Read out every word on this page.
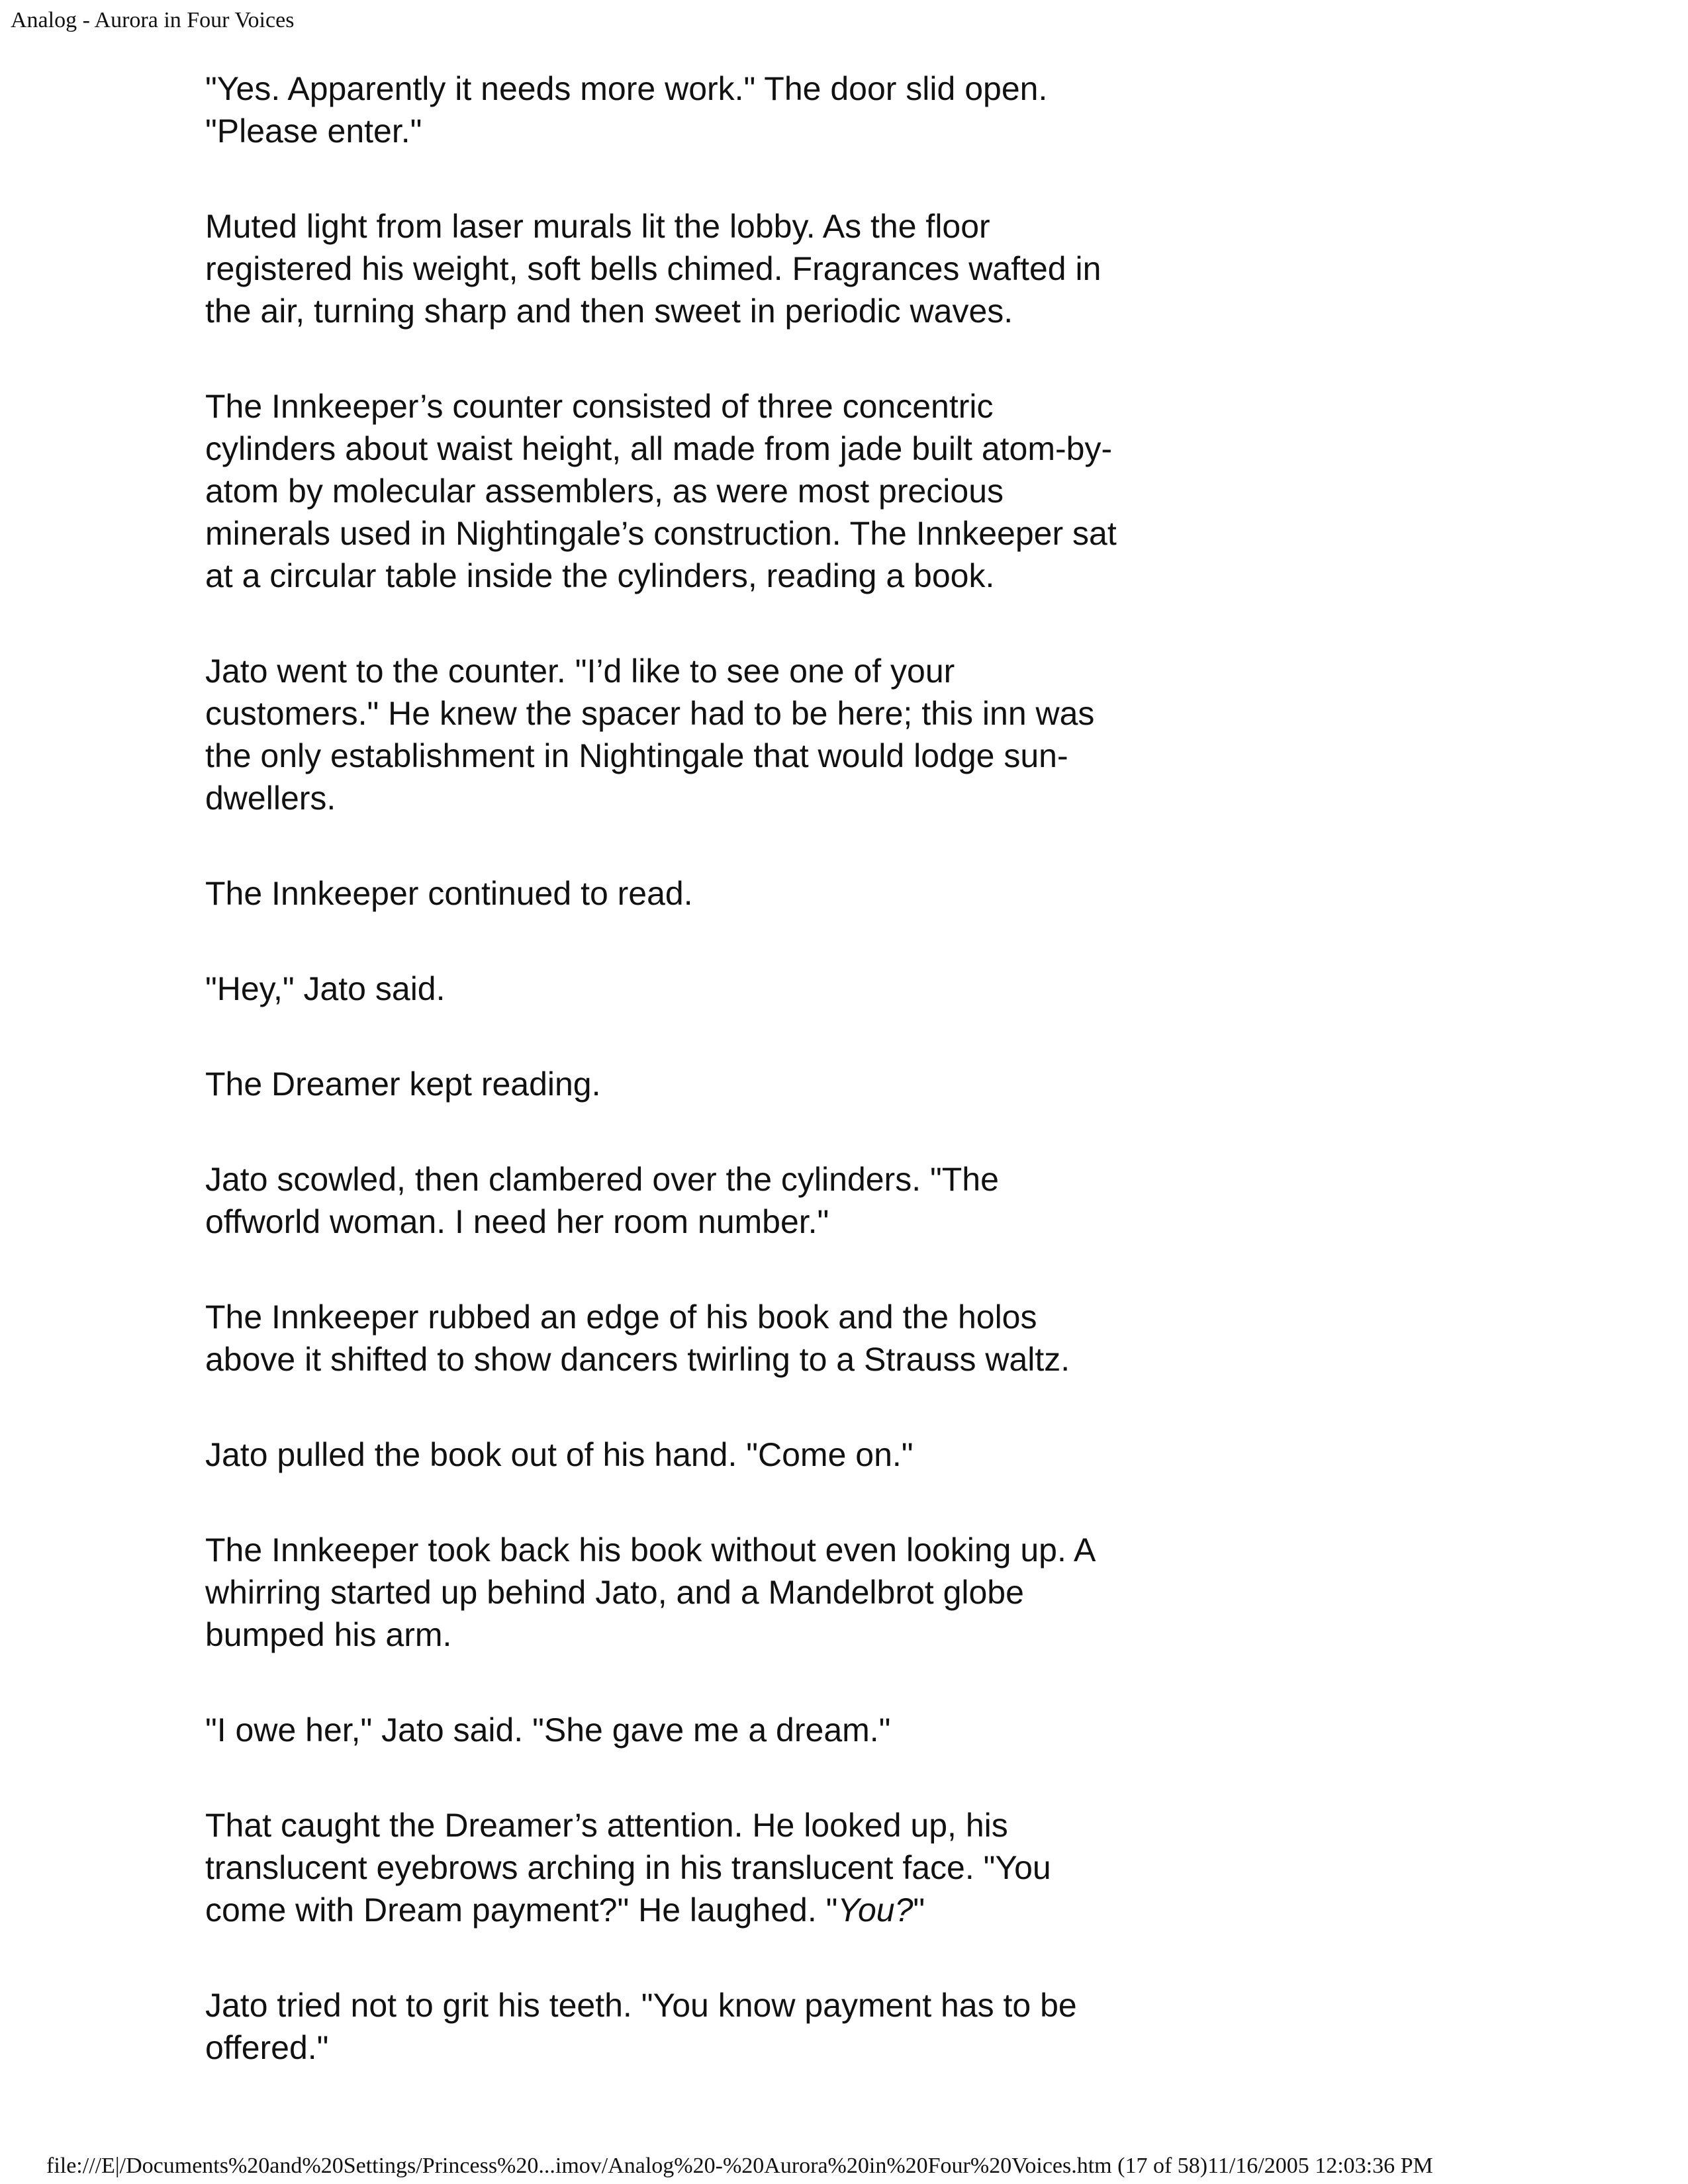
Analog - Aurora in Four Voices

"Yes. Apparently it needs more work." The door slid open.
"Please enter."

Muted light from laser murals lit the lobby. As the floor
registered his weight, soft bells chimed. Fragrances wafted in
the air, turning sharp and then sweet in periodic waves.

The Innkeeper’s counter consisted of three concentric
cylinders about waist height, all made from jade built atom-by-
atom by molecular assemblers, as were most precious
minerals used in Nightingale’s construction. The Innkeeper sat
at a circular table inside the cylinders, reading a book.

Jato went to the counter. "I’d like to see one of your
customers." He knew the spacer had to be here; this inn was
the only establishment in Nightingale that would lodge sun-
dwellers.

The Innkeeper continued to read.

"Hey," Jato said.

The Dreamer kept reading.

Jato scowled, then clambered over the cylinders. "The
offworld woman. I need her room number."

The Innkeeper rubbed an edge of his book and the holos
above it shifted to show dancers twirling to a Strauss waltz.

Jato pulled the book out of his hand. "Come on."

The Innkeeper took back his book without even looking up. A
whirring started up behind Jato, and a Mandelbrot globe
bumped his arm.

"I owe her," Jato said. "She gave me a dream."

That caught the Dreamer’s attention. He looked up, his
translucent eyebrows arching in his translucent face. "You
come with Dream payment?" He laughed. "You?"

Jato tried not to grit his teeth. "You know payment has to be
offered."

file:///E|/Documents%20and%20Settings/Princess%20...imov/Analog%20-%20Aurora%20in%20Four%20Voices.htm (17 of 58)11/16/2005 12:03:36 PM
